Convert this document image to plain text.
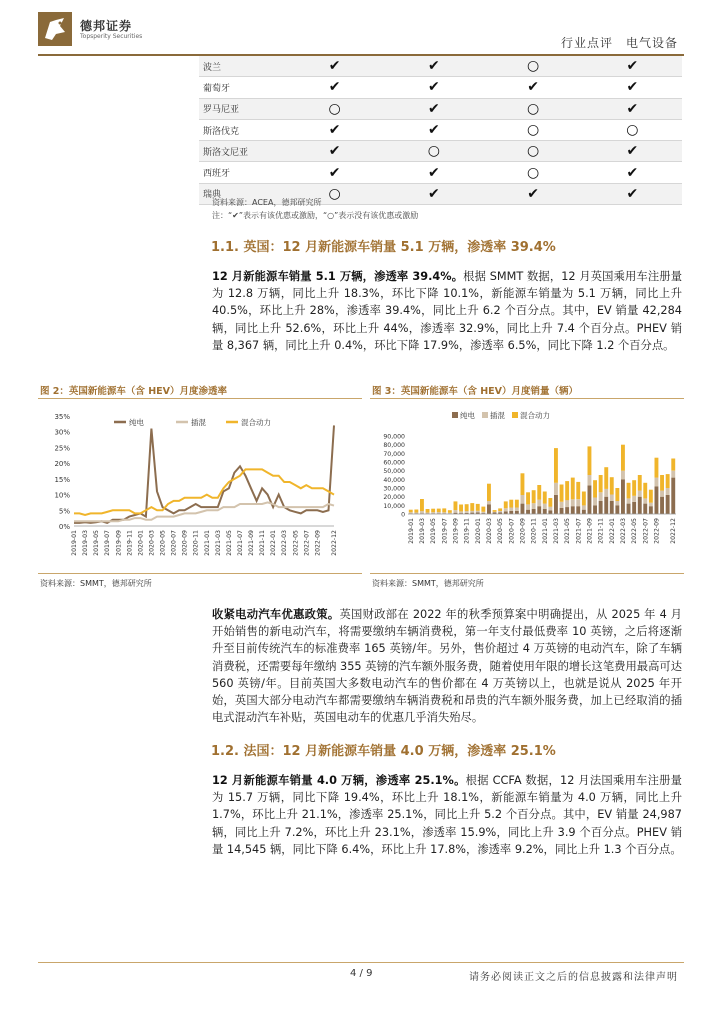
德邦证券
Topsperity Securities	行业点评　电气设备
波兰	✔	✔	○	✔
葡萄牙	✔	✔	✔	✔
罗马尼亚	○	✔	○	✔
斯洛伐克	✔	✔	○	○
斯洛文尼亚	✔	○	○	✔
西班牙	✔	✔	○	✔
瑞典	○	✔	✔	✔
资料来源：ACEA，德邦研究所
注：“✔”表示有该优惠或激励，“○”表示没有该优惠或激励
1.1. 英国：12 月新能源车销量 5.1 万辆，渗透率 39.4%

12 月新能源车销量 5.1 万辆，渗透率 39.4%。根据 SMMT 数据，12 月英国乘用车注册量为 12.8 万辆，同比上升 18.3%，环比下降 10.1%，新能源车销量为 5.1 万辆，同比上升 40.5%，环比上升 28%，渗透率 39.4%，同比上升 6.2 个百分点。其中，EV 销量 42,284 辆，同比上升 52.6%，环比上升 44%，渗透率 32.9%，同比上升 7.4 个百分点。PHEV 销量 8,367 辆，同比上升 0.4%，环比下降 17.9%，渗透率 6.5%，同比下降 1.2 个百分点。

图 2：英国新能源车（含 HEV）月度渗透率
0%
5%
10%
15%
20%
25%
30%
35%
2019-01 2019-03 2019-05 2019-07 2019-09 2019-11 2020-01 2020-03 2020-05 2020-07 2020-09 2020-11 2021-01 2021-03 2021-05 2021-07 2021-09 2021-11 2022-01 2022-03 2022-05 2022-07 2022-09 2022-12
纯电	插混	混合动力
资料来源：SMMT，德邦研究所
图 3：英国新能源车（含 HEV）月度销量（辆）
0
10,000
20,000
30,000
40,000
50,000
60,000
70,000
80,000
90,000
2019-01 2019-03 2019-05 2019-07 2019-09 2019-11 2020-01 2020-03 2020-05 2020-07 2020-09 2020-11 2021-01 2021-03 2021-05 2021-07 2021-09 2021-11 2022-01 2022-03 2022-05 2022-07 2022-09 2022-12
纯电 插混 混合动力
资料来源：SMMT，德邦研究所

收紧电动汽车优惠政策。英国财政部在 2022 年的秋季预算案中明确提出，从 2025 年 4 月开始销售的新电动汽车，将需要缴纳车辆消费税，第一年支付最低费率 10 英镑，之后将逐渐升至目前传统汽车的标准费率 165 英镑/年。另外，售价超过 4 万英镑的电动汽车，除了车辆消费税，还需要每年缴纳 355 英镑的汽车额外服务费，随着使用年限的增长这笔费用最高可达 560 英镑/年。目前英国大多数电动汽车的售价都在 4 万英镑以上，也就是说从 2025 年开始，英国大部分电动汽车都需要缴纳车辆消费税和昂贵的汽车额外服务费，加上已经取消的插电式混动汽车补贴，英国电动车的优惠几乎消失殆尽。

1.2. 法国：12 月新能源车销量 4.0 万辆，渗透率 25.1%

12 月新能源车销量 4.0 万辆，渗透率 25.1%。根据 CCFA 数据，12 月法国乘用车注册量为 15.7 万辆，同比下降 19.4%，环比上升 18.1%，新能源车销量为 4.0 万辆，同比上升 1.7%，环比上升 21.1%，渗透率 25.1%，同比上升 5.2 个百分点。其中，EV 销量 24,987 辆，同比上升 7.2%，环比上升 23.1%，渗透率 15.9%，同比上升 3.9 个百分点。PHEV 销量 14,545 辆，同比下降 6.4%，环比上升 17.8%，渗透率 9.2%，同比上升 1.3 个百分点。

4 / 9	请务必阅读正文之后的信息披露和法律声明
